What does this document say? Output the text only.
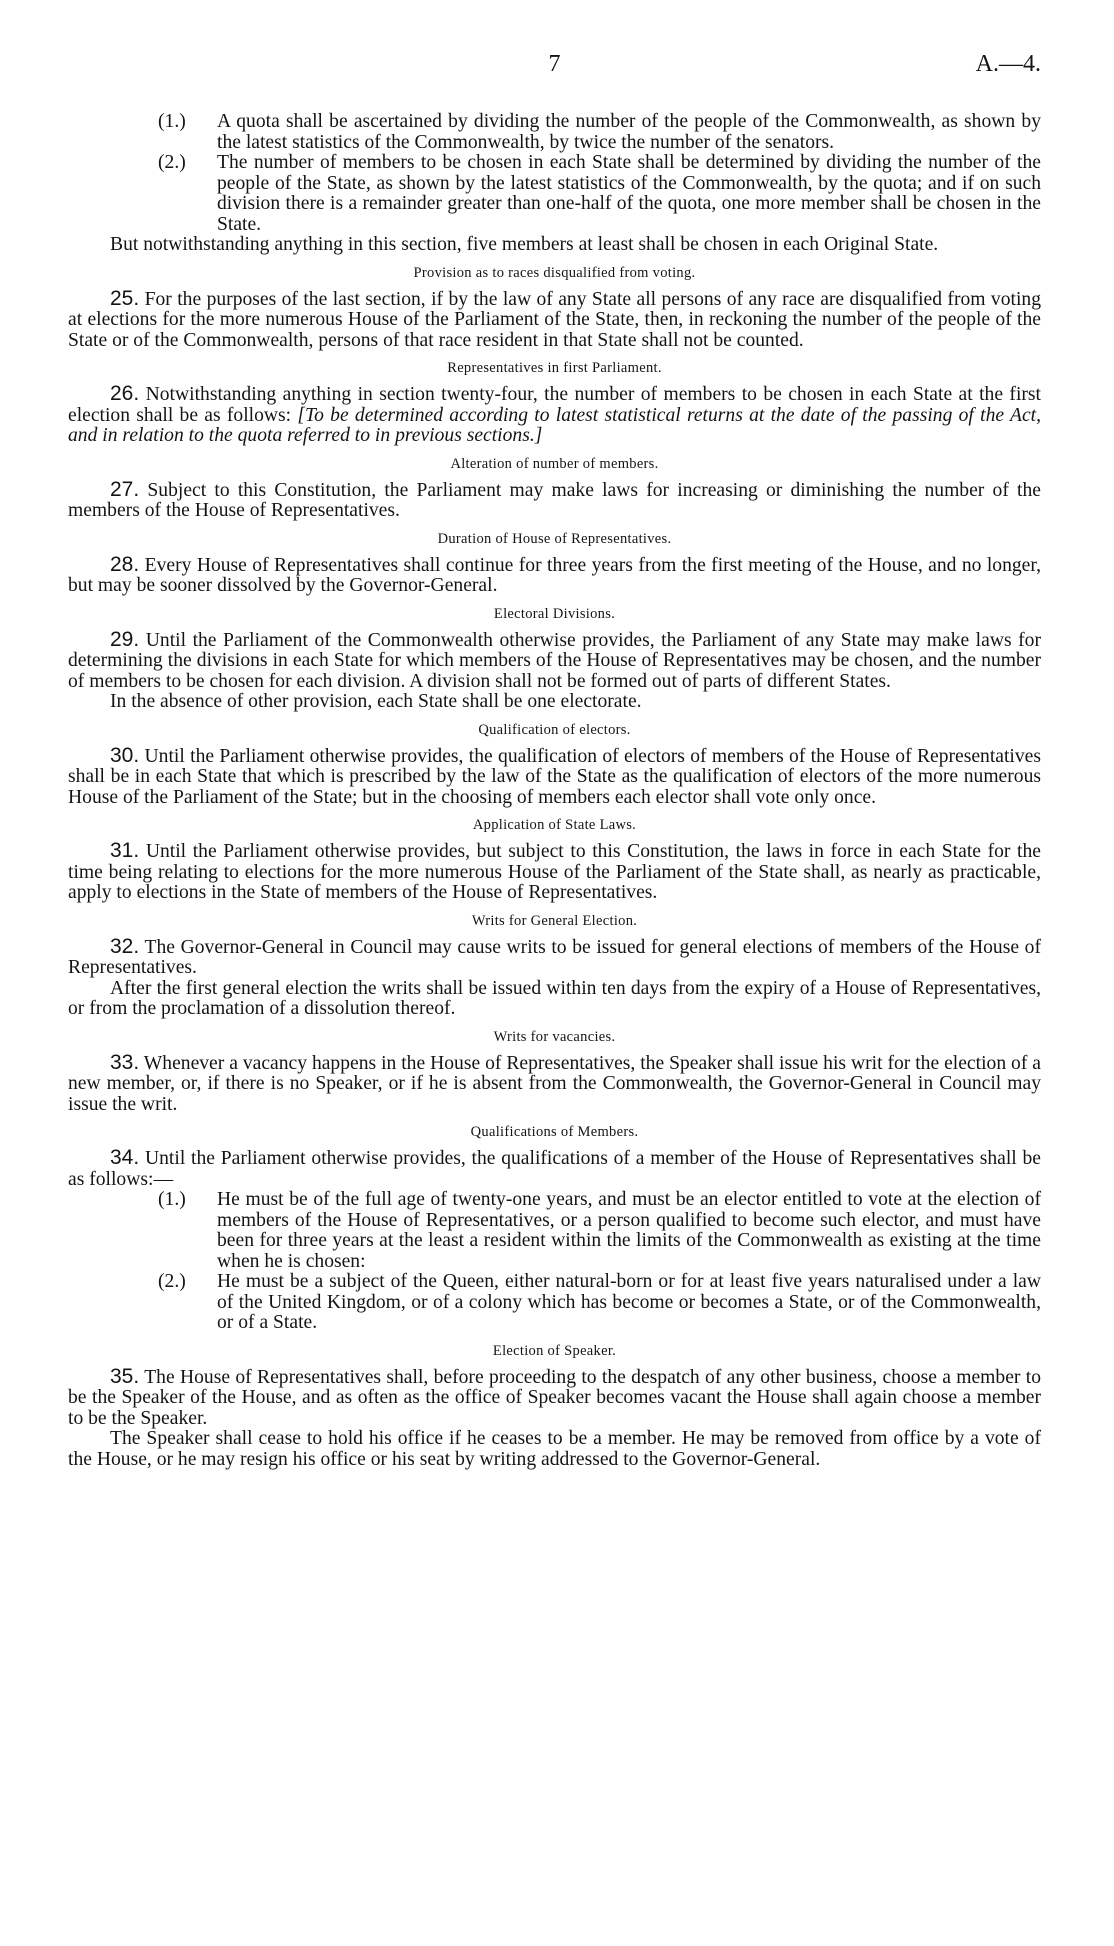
7	A.—4.

(1.) A quota shall be ascertained by dividing the number of the people of the Commonwealth, as shown by the latest statistics of the Commonwealth, by twice the number of the senators.

(2.) The number of members to be chosen in each State shall be determined by dividing the number of the people of the State, as shown by the latest statistics of the Commonwealth, by the quota; and if on such division there is a remainder greater than one-half of the quota, one more member shall be chosen in the State.

But notwithstanding anything in this section, five members at least shall be chosen in each Original State.

Provision as to races disqualified from voting.

25. For the purposes of the last section, if by the law of any State all persons of any race are disqualified from voting at elections for the more numerous House of the Parliament of the State, then, in reckoning the number of the people of the State or of the Commonwealth, persons of that race resident in that State shall not be counted.

Representatives in first Parliament.

26. Notwithstanding anything in section twenty-four, the number of members to be chosen in each State at the first election shall be as follows: [To be determined according to latest statistical returns at the date of the passing of the Act, and in relation to the quota referred to in previous sections.]

Alteration of number of members.

27. Subject to this Constitution, the Parliament may make laws for increasing or diminishing the number of the members of the House of Representatives.

Duration of House of Representatives.

28. Every House of Representatives shall continue for three years from the first meeting of the House, and no longer, but may be sooner dissolved by the Governor-General.

Electoral Divisions.

29. Until the Parliament of the Commonwealth otherwise provides, the Parliament of any State may make laws for determining the divisions in each State for which members of the House of Representatives may be chosen, and the number of members to be chosen for each division. A division shall not be formed out of parts of different States.

In the absence of other provision, each State shall be one electorate.

Qualification of electors.

30. Until the Parliament otherwise provides, the qualification of electors of members of the House of Representatives shall be in each State that which is prescribed by the law of the State as the qualification of electors of the more numerous House of the Parliament of the State; but in the choosing of members each elector shall vote only once.

Application of State Laws.

31. Until the Parliament otherwise provides, but subject to this Constitution, the laws in force in each State for the time being relating to elections for the more numerous House of the Parliament of the State shall, as nearly as practicable, apply to elections in the State of members of the House of Representatives.

Writs for General Election.

32. The Governor-General in Council may cause writs to be issued for general elections of members of the House of Representatives.

After the first general election the writs shall be issued within ten days from the expiry of a House of Representatives, or from the proclamation of a dissolution thereof.

Writs for vacancies.

33. Whenever a vacancy happens in the House of Representatives, the Speaker shall issue his writ for the election of a new member, or, if there is no Speaker, or if he is absent from the Commonwealth, the Governor-General in Council may issue the writ.

Qualifications of Members.

34. Until the Parliament otherwise provides, the qualifications of a member of the House of Representatives shall be as follows:—

(1.) He must be of the full age of twenty-one years, and must be an elector entitled to vote at the election of members of the House of Representatives, or a person qualified to become such elector, and must have been for three years at the least a resident within the limits of the Commonwealth as existing at the time when he is chosen:

(2.) He must be a subject of the Queen, either natural-born or for at least five years naturalised under a law of the United Kingdom, or of a colony which has become or becomes a State, or of the Commonwealth, or of a State.

Election of Speaker.

35. The House of Representatives shall, before proceeding to the despatch of any other business, choose a member to be the Speaker of the House, and as often as the office of Speaker becomes vacant the House shall again choose a member to be the Speaker.

The Speaker shall cease to hold his office if he ceases to be a member. He may be removed from office by a vote of the House, or he may resign his office or his seat by writing addressed to the Governor-General.
